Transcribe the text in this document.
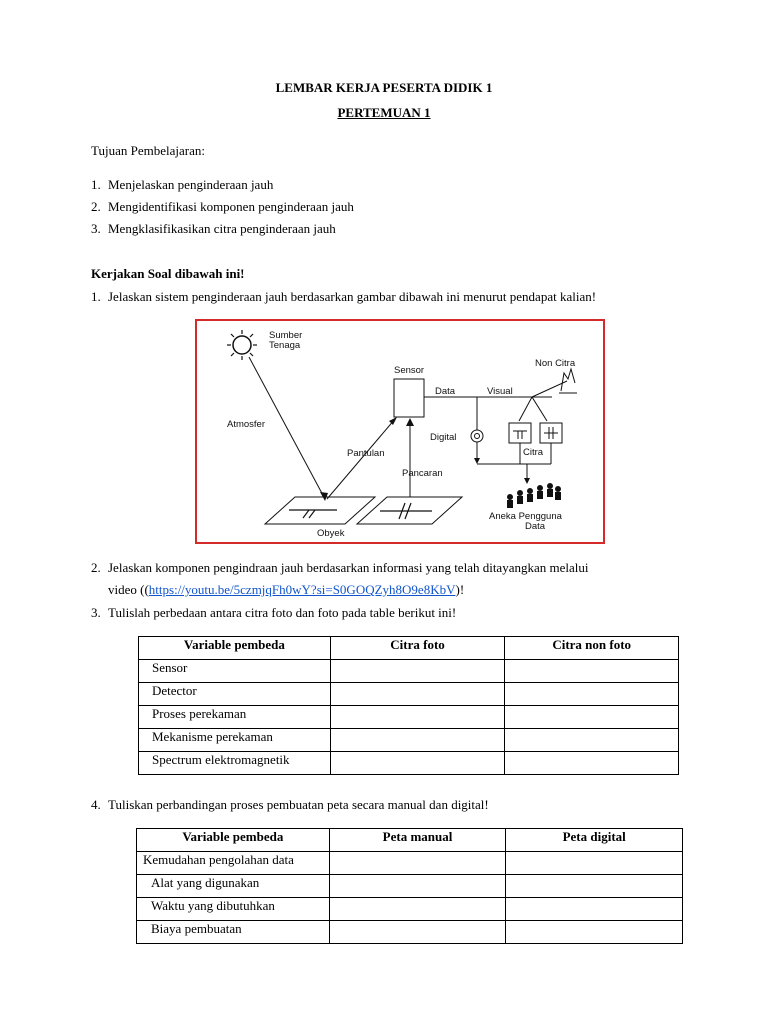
LEMBAR KERJA PESERTA DIDIK 1
PERTEMUAN 1
Tujuan Pembelajaran:
1. Menjelaskan penginderaan jauh
2. Mengidentifikasi komponen penginderaan jauh
3. Mengklasifikasikan citra penginderaan jauh
Kerjakan Soal dibawah ini!
1. Jelaskan sistem penginderaan jauh berdasarkan gambar dibawah ini menurut pendapat kalian!
Sumber
Tenaga
Atmosfer
Obyek
Sensor
Pantulan
Pancaran
Data	Visual
Digital
Non Citra
Citra
Aneka Pengguna
Data
2. Jelaskan komponen pengindraan jauh berdasarkan informasi yang telah ditayangkan melalui
video ((https://youtu.be/5czmjqFh0wY?si=S0GOQZyh8O9e8KbV)!
3. Tulislah perbedaan antara citra foto dan foto pada table berikut ini!
Variable pembeda	Citra foto	Citra non foto
Sensor		
Detector		
Proses perekaman		
Mekanisme perekaman		
Spectrum elektromagnetik		
4. Tuliskan perbandingan proses pembuatan peta secara manual dan digital!
Variable pembeda	Peta manual	Peta digital
Kemudahan pengolahan data		
Alat yang digunakan		
Waktu yang dibutuhkan		
Biaya pembuatan		
